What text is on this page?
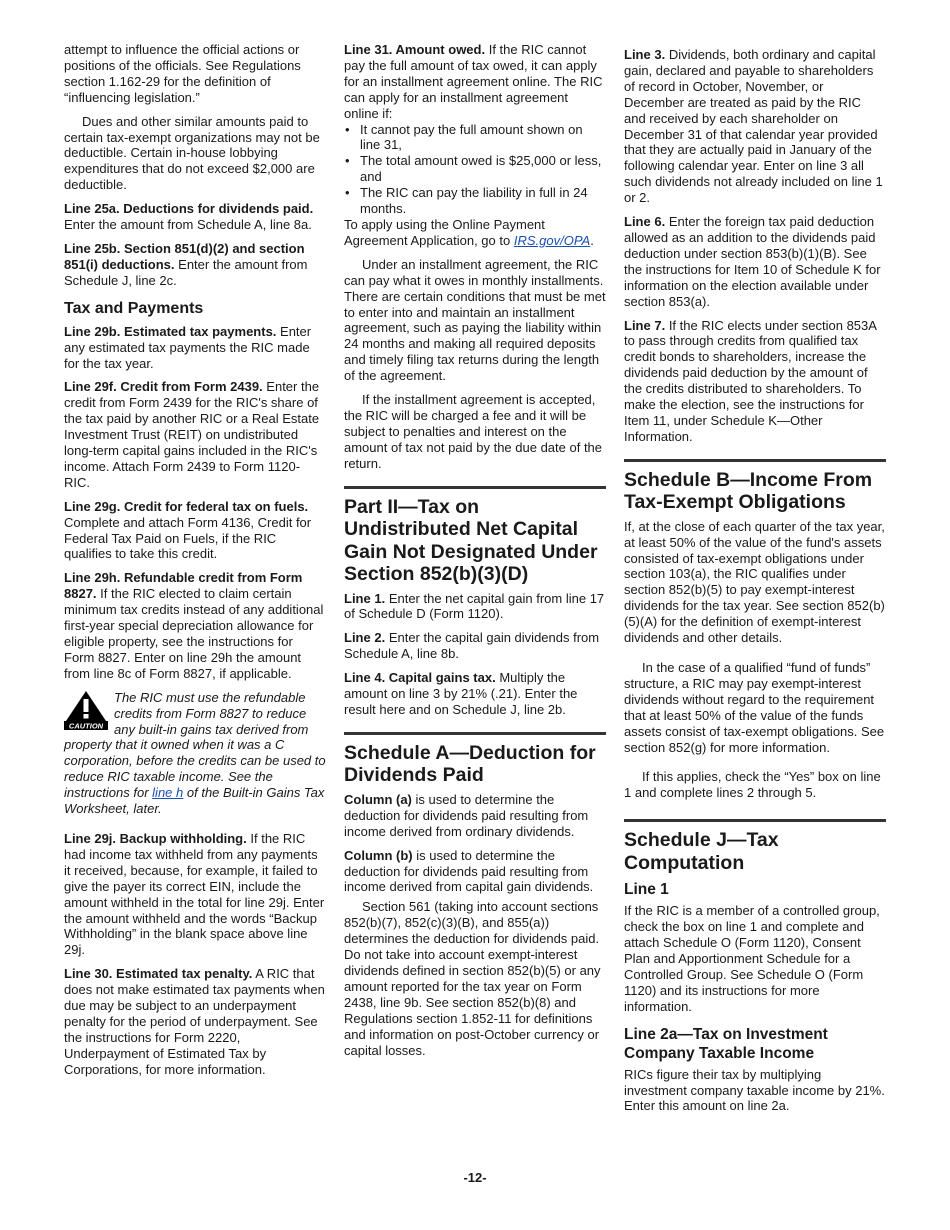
attempt to influence the official actions or positions of the officials. See Regulations section 1.162-29 for the definition of “influencing legislation.”

Dues and other similar amounts paid to certain tax-exempt organizations may not be deductible. Certain in-house lobbying expenditures that do not exceed $2,000 are deductible.

Line 25a. Deductions for dividends paid. Enter the amount from Schedule A, line 8a.

Line 25b. Section 851(d)(2) and section 851(i) deductions. Enter the amount from Schedule J, line 2c.

Tax and Payments

Line 29b. Estimated tax payments. Enter any estimated tax payments the RIC made for the tax year.

Line 29f. Credit from Form 2439. Enter the credit from Form 2439 for the RIC's share of the tax paid by another RIC or a Real Estate Investment Trust (REIT) on undistributed long-term capital gains included in the RIC's income. Attach Form 2439 to Form 1120-RIC.

Line 29g. Credit for federal tax on fuels. Complete and attach Form 4136, Credit for Federal Tax Paid on Fuels, if the RIC qualifies to take this credit.

Line 29h. Refundable credit from Form 8827. If the RIC elected to claim certain minimum tax credits instead of any additional first-year special depreciation allowance for eligible property, see the instructions for Form 8827. Enter on line 29h the amount from line 8c of Form 8827, if applicable.

CAUTION
The RIC must use the refundable credits from Form 8827 to reduce any built-in gains tax derived from property that it owned when it was a C corporation, before the credits can be used to reduce RIC taxable income. See the instructions for line h of the Built-in Gains Tax Worksheet, later.

Line 29j. Backup withholding. If the RIC had income tax withheld from any payments it received, because, for example, it failed to give the payer its correct EIN, include the amount withheld in the total for line 29j. Enter the amount withheld and the words “Backup Withholding” in the blank space above line 29j.

Line 30. Estimated tax penalty. A RIC that does not make estimated tax payments when due may be subject to an underpayment penalty for the period of underpayment. See the instructions for Form 2220, Underpayment of Estimated Tax by Corporations, for more information.

Line 31. Amount owed. If the RIC cannot pay the full amount of tax owed, it can apply for an installment agreement online. The RIC can apply for an installment agreement online if:

• It cannot pay the full amount shown on line 31,
• The total amount owed is $25,000 or less, and
• The RIC can pay the liability in full in 24 months.

To apply using the Online Payment Agreement Application, go to IRS.gov/OPA.

Under an installment agreement, the RIC can pay what it owes in monthly installments. There are certain conditions that must be met to enter into and maintain an installment agreement, such as paying the liability within 24 months and making all required deposits and timely filing tax returns during the length of the agreement.

If the installment agreement is accepted, the RIC will be charged a fee and it will be subject to penalties and interest on the amount of tax not paid by the due date of the return.

Part II—Tax on Undistributed Net Capital Gain Not Designated Under Section 852(b)(3)(D)

Line 1. Enter the net capital gain from line 17 of Schedule D (Form 1120).

Line 2. Enter the capital gain dividends from Schedule A, line 8b.

Line 4. Capital gains tax. Multiply the amount on line 3 by 21% (.21). Enter the result here and on Schedule J, line 2b.

Schedule A—Deduction for Dividends Paid

Column (a) is used to determine the deduction for dividends paid resulting from income derived from ordinary dividends.

Column (b) is used to determine the deduction for dividends paid resulting from income derived from capital gain dividends.

Section 561 (taking into account sections 852(b)(7), 852(c)(3)(B), and 855(a)) determines the deduction for dividends paid. Do not take into account exempt-interest dividends defined in section 852(b)(5) or any amount reported for the tax year on Form 2438, line 9b. See section 852(b)(8) and Regulations section 1.852-11 for definitions and information on post-October currency or capital losses.

Line 3. Dividends, both ordinary and capital gain, declared and payable to shareholders of record in October, November, or December are treated as paid by the RIC and received by each shareholder on December 31 of that calendar year provided that they are actually paid in January of the following calendar year. Enter on line 3 all such dividends not already included on line 1 or 2.

Line 6. Enter the foreign tax paid deduction allowed as an addition to the dividends paid deduction under section 853(b)(1)(B). See the instructions for Item 10 of Schedule K for information on the election available under section 853(a).

Line 7. If the RIC elects under section 853A to pass through credits from qualified tax credit bonds to shareholders, increase the dividends paid deduction by the amount of the credits distributed to shareholders. To make the election, see the instructions for Item 11, under Schedule K—Other Information.

Schedule B—Income From Tax-Exempt Obligations

If, at the close of each quarter of the tax year, at least 50% of the value of the fund's assets consisted of tax-exempt obligations under section 103(a), the RIC qualifies under section 852(b)(5) to pay exempt-interest dividends for the tax year. See section 852(b)(5)(A) for the definition of exempt-interest dividends and other details.

In the case of a qualified “fund of funds” structure, a RIC may pay exempt-interest dividends without regard to the requirement that at least 50% of the value of the funds assets consist of tax-exempt obligations. See section 852(g) for more information.

If this applies, check the “Yes” box on line 1 and complete lines 2 through 5.

Schedule J—Tax Computation
Line 1

If the RIC is a member of a controlled group, check the box on line 1 and complete and attach Schedule O (Form 1120), Consent Plan and Apportionment Schedule for a Controlled Group. See Schedule O (Form 1120) and its instructions for more information.

Line 2a—Tax on Investment Company Taxable Income

RICs figure their tax by multiplying investment company taxable income by 21%. Enter this amount on line 2a.

-12-
